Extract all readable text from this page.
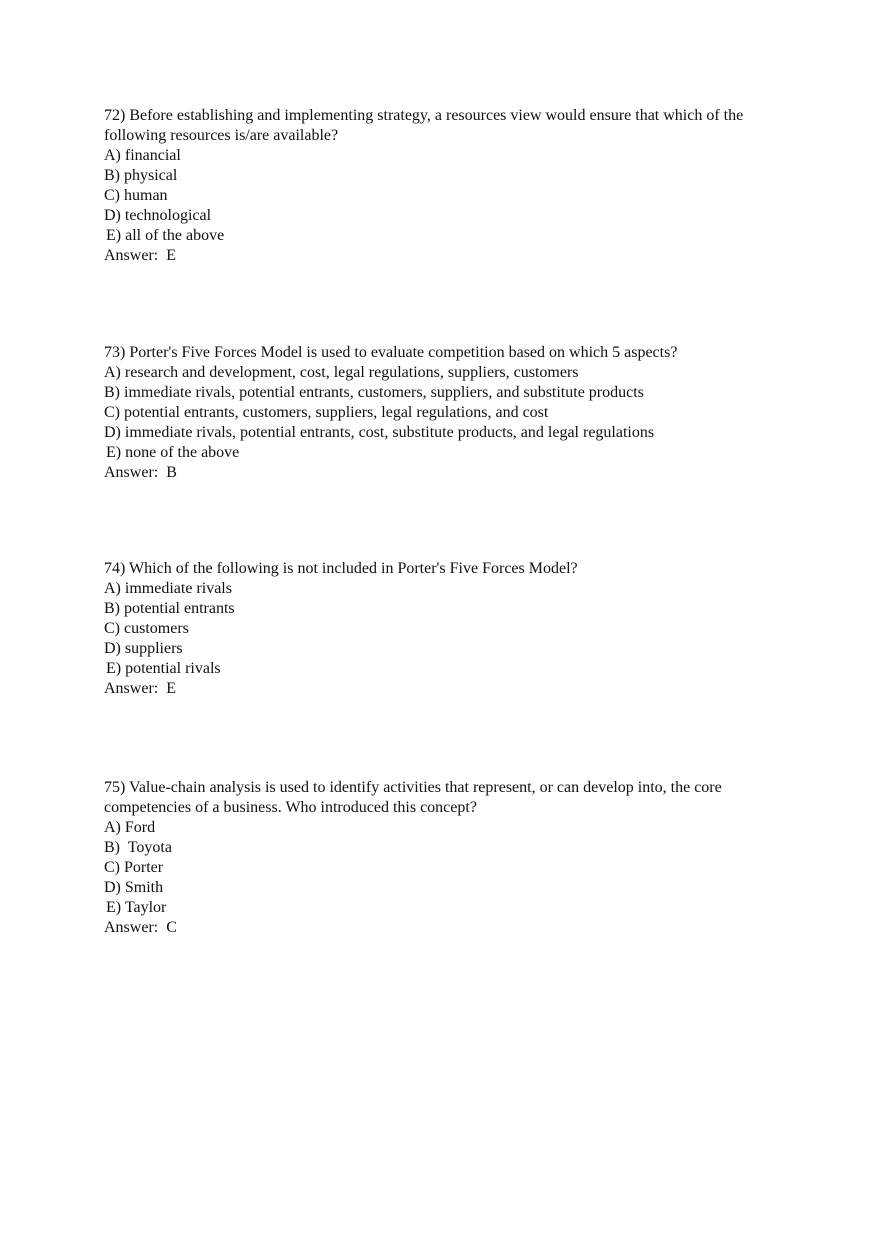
72) Before establishing and implementing strategy, a resources view would ensure that which of the following resources is/are available?
A) financial
B) physical
C) human
D) technological
E) all of the above
Answer:  E
73) Porter's Five Forces Model is used to evaluate competition based on which 5 aspects?
A) research and development, cost, legal regulations, suppliers, customers
B) immediate rivals, potential entrants, customers, suppliers, and substitute products
C) potential entrants, customers, suppliers, legal regulations, and cost
D) immediate rivals, potential entrants, cost, substitute products, and legal regulations
E) none of the above
Answer:  B
74) Which of the following is not included in Porter's Five Forces Model?
A) immediate rivals
B) potential entrants
C) customers
D) suppliers
E) potential rivals
Answer:  E
75) Value-chain analysis is used to identify activities that represent, or can develop into, the core competencies of a business. Who introduced this concept?
A) Ford
B)  Toyota
C) Porter
D) Smith
E) Taylor
Answer:  C
